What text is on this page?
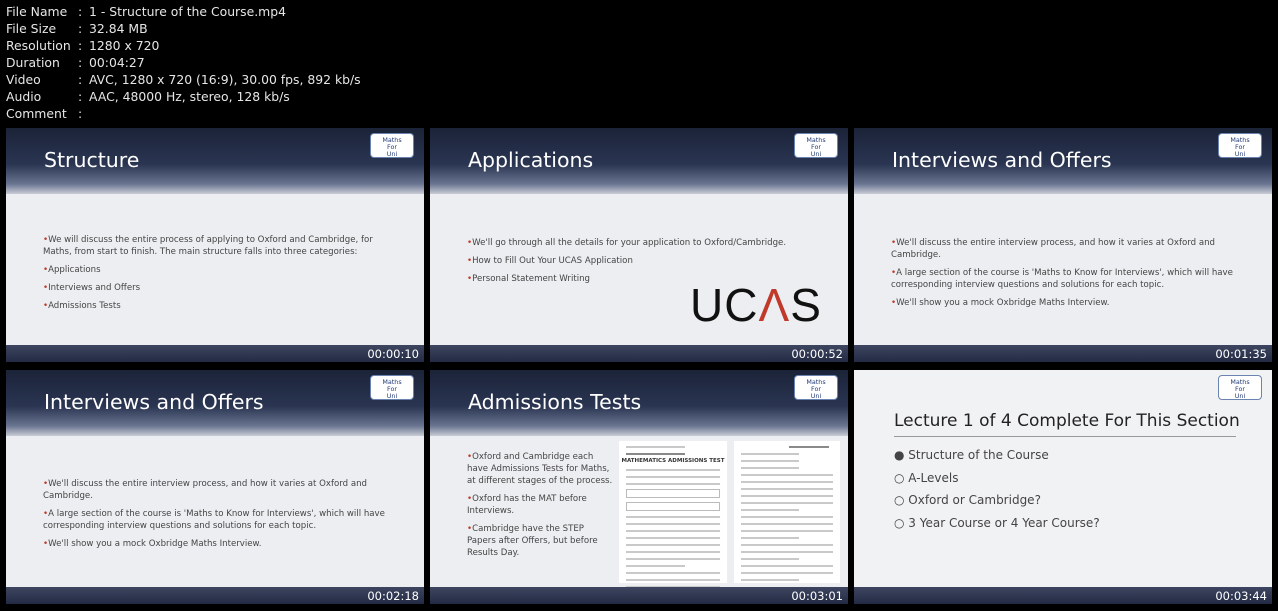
File Name : 1 - Structure of the Course.mp4
File Size	: 32.84 MB
Resolution : 1280 x 720
Duration	: 00:04:27
Video	: AVC, 1280 x 720 (16:9), 30.00 fps, 892 kb/s
Audio	: AAC, 48000 Hz, stereo, 128 kb/s
Comment :
Structure
Maths
For
Uni
• We will discuss the entire process of applying to Oxford and Cambridge, for Maths, from start to finish. The main structure falls into three categories:
• Applications
• Interviews and Offers
• Admissions Tests
00:00:10
Applications
Maths
For
Uni
• We'll go through all the details for your application to Oxford/Cambridge.
• How to Fill Out Your UCAS Application
• Personal Statement Writing	UCΛS
00:00:52
Interviews and Offers
Maths
For
Uni
• We'll discuss the entire interview process, and how it varies at Oxford and Cambridge.
• A large section of the course is 'Maths to Know for Interviews', which will have corresponding interview questions and solutions for each topic.
• We'll show you a mock Oxbridge Maths Interview.
00:01:35
Interviews and Offers
Maths
For
Uni
• We'll discuss the entire interview process, and how it varies at Oxford and Cambridge.
• A large section of the course is 'Maths to Know for Interviews', which will have corresponding interview questions and solutions for each topic.
• We'll show you a mock Oxbridge Maths Interview.
00:02:18
Admissions Tests
Maths
For
Uni
• Oxford and Cambridge each have Admissions Tests for Maths, at different stages of the process.
• Oxford has the MAT before Interviews.
• Cambridge have the STEP Papers after Offers, but before Results Day.
MATHEMATICS ADMISSIONS TEST
00:03:01
Maths
For
Uni
Lecture 1 of 4 Complete For This Section
● Structure of the Course
○ A-Levels
○ Oxford or Cambridge?
○ 3 Year Course or 4 Year Course?
00:03:44
